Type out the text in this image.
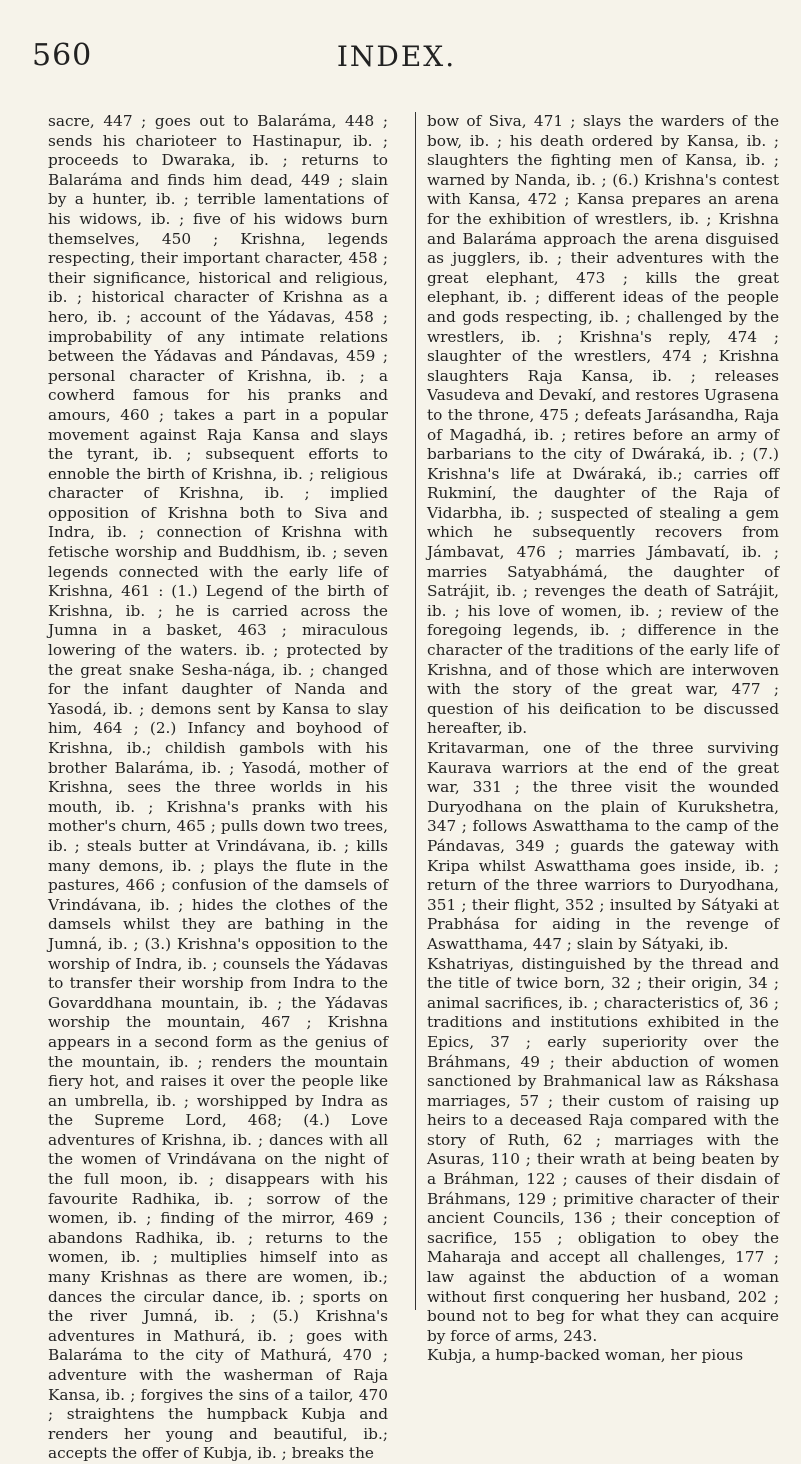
560	INDEX.

sacre, 447 ; goes out to Balaráma, 448 ; sends his charioteer to Hastinapur, ib. ; proceeds to Dwaraka, ib. ; returns to Balaráma and finds him dead, 449 ; slain by a hunter, ib. ; terrible lamentations of his widows, ib. ; five of his widows burn themselves, 450 ; Krishna, legends respecting, their important character, 458 ; their significance, historical and religious, ib. ; historical character of Krishna as a hero, ib. ; account of the Yádavas, 458 ; improbability of any intimate relations between the Yádavas and Pándavas, 459 ; personal character of Krishna, ib. ; a cowherd famous for his pranks and amours, 460 ; takes a part in a popular movement against Raja Kansa and slays the tyrant, ib. ; subsequent efforts to ennoble the birth of Krishna, ib. ; religious character of Krishna, ib. ; implied opposition of Krishna both to Siva and Indra, ib. ; connection of Krishna with fetische worship and Buddhism, ib. ; seven legends connected with the early life of Krishna, 461 : (1.) Legend of the birth of Krishna, ib. ; he is carried across the Jumna in a basket, 463 ; miraculous lowering of the waters. ib. ; protected by the great snake Sesha-nága, ib. ; changed for the infant daughter of Nanda and Yasodá, ib. ; demons sent by Kansa to slay him, 464 ; (2.) Infancy and boyhood of Krishna, ib.; childish gambols with his brother Balaráma, ib. ; Yasodá, mother of Krishna, sees the three worlds in his mouth, ib. ; Krishna's pranks with his mother's churn, 465 ; pulls down two trees, ib. ; steals butter at Vrindávana, ib. ; kills many demons, ib. ; plays the flute in the pastures, 466 ; confusion of the damsels of Vrindávana, ib. ; hides the clothes of the damsels whilst they are bathing in the Jumná, ib. ; (3.) Krishna's opposition to the worship of Indra, ib. ; counsels the Yádavas to transfer their worship from Indra to the Govarddhana mountain, ib. ; the Yádavas worship the mountain, 467 ; Krishna appears in a second form as the genius of the mountain, ib. ; renders the mountain fiery hot, and raises it over the people like an umbrella, ib. ; worshipped by Indra as the Supreme Lord, 468; (4.) Love adventures of Krishna, ib. ; dances with all the women of Vrindávana on the night of the full moon, ib. ; disappears with his favourite Radhika, ib. ; sorrow of the women, ib. ; finding of the mirror, 469 ; abandons Radhika, ib. ; returns to the women, ib. ; multiplies himself into as many Krishnas as there are women, ib.; dances the circular dance, ib. ; sports on the river Jumná, ib. ; (5.) Krishna's adventures in Mathurá, ib. ; goes with Balaráma to the city of Mathurá, 470 ; adventure with the washerman of Raja Kansa, ib. ; forgives the sins of a tailor, 470 ; straightens the humpback Kubja and renders her young and beautiful, ib.; accepts the offer of Kubja, ib. ; breaks the

bow of Siva, 471 ; slays the warders of the bow, ib. ; his death ordered by Kansa, ib. ; slaughters the fighting men of Kansa, ib. ; warned by Nanda, ib. ; (6.) Krishna's contest with Kansa, 472 ; Kansa prepares an arena for the exhibition of wrestlers, ib. ; Krishna and Balaráma approach the arena disguised as jugglers, ib. ; their adventures with the great elephant, 473 ; kills the great elephant, ib. ; different ideas of the people and gods respecting, ib. ; challenged by the wrestlers, ib. ; Krishna's reply, 474 ; slaughter of the wrestlers, 474 ; Krishna slaughters Raja Kansa, ib. ; releases Vasudeva and Devakí, and restores Ugrasena to the throne, 475 ; defeats Jarásandha, Raja of Magadhá, ib. ; retires before an army of barbarians to the city of Dwáraká, ib. ; (7.) Krishna's life at Dwáraká, ib.; carries off Rukminí, the daughter of the Raja of Vidarbha, ib. ; suspected of stealing a gem which he subsequently recovers from Jámbavat, 476 ; marries Jámbavatí, ib. ; marries Satyabhámá, the daughter of Satrájit, ib. ; revenges the death of Satrájit, ib. ; his love of women, ib. ; review of the foregoing legends, ib. ; difference in the character of the traditions of the early life of Krishna, and of those which are interwoven with the story of the great war, 477 ; question of his deification to be discussed hereafter, ib.

Kritavarman, one of the three surviving Kaurava warriors at the end of the great war, 331 ; the three visit the wounded Duryodhana on the plain of Kurukshetra, 347 ; follows Aswatthama to the camp of the Pándavas, 349 ; guards the gateway with Kripa whilst Aswatthama goes inside, ib. ; return of the three warriors to Duryodhana, 351 ; their flight, 352 ; insulted by Sátyaki at Prabhása for aiding in the revenge of Aswatthama, 447 ; slain by Sátyaki, ib.

Kshatriyas, distinguished by the thread and the title of twice born, 32 ; their origin, 34 ; animal sacrifices, ib. ; characteristics of, 36 ; traditions and institutions exhibited in the Epics, 37 ; early superiority over the Bráhmans, 49 ; their abduction of women sanctioned by Brahmanical law as Rákshasa marriages, 57 ; their custom of raising up heirs to a deceased Raja compared with the story of Ruth, 62 ; marriages with the Asuras, 110 ; their wrath at being beaten by a Bráhman, 122 ; causes of their disdain of Bráhmans, 129 ; primitive character of their ancient Councils, 136 ; their conception of sacrifice, 155 ; obligation to obey the Maharaja and accept all challenges, 177 ; law against the abduction of a woman without first conquering her husband, 202 ; bound not to beg for what they can acquire by force of arms, 243.

Kubja, a hump-backed woman, her pious
